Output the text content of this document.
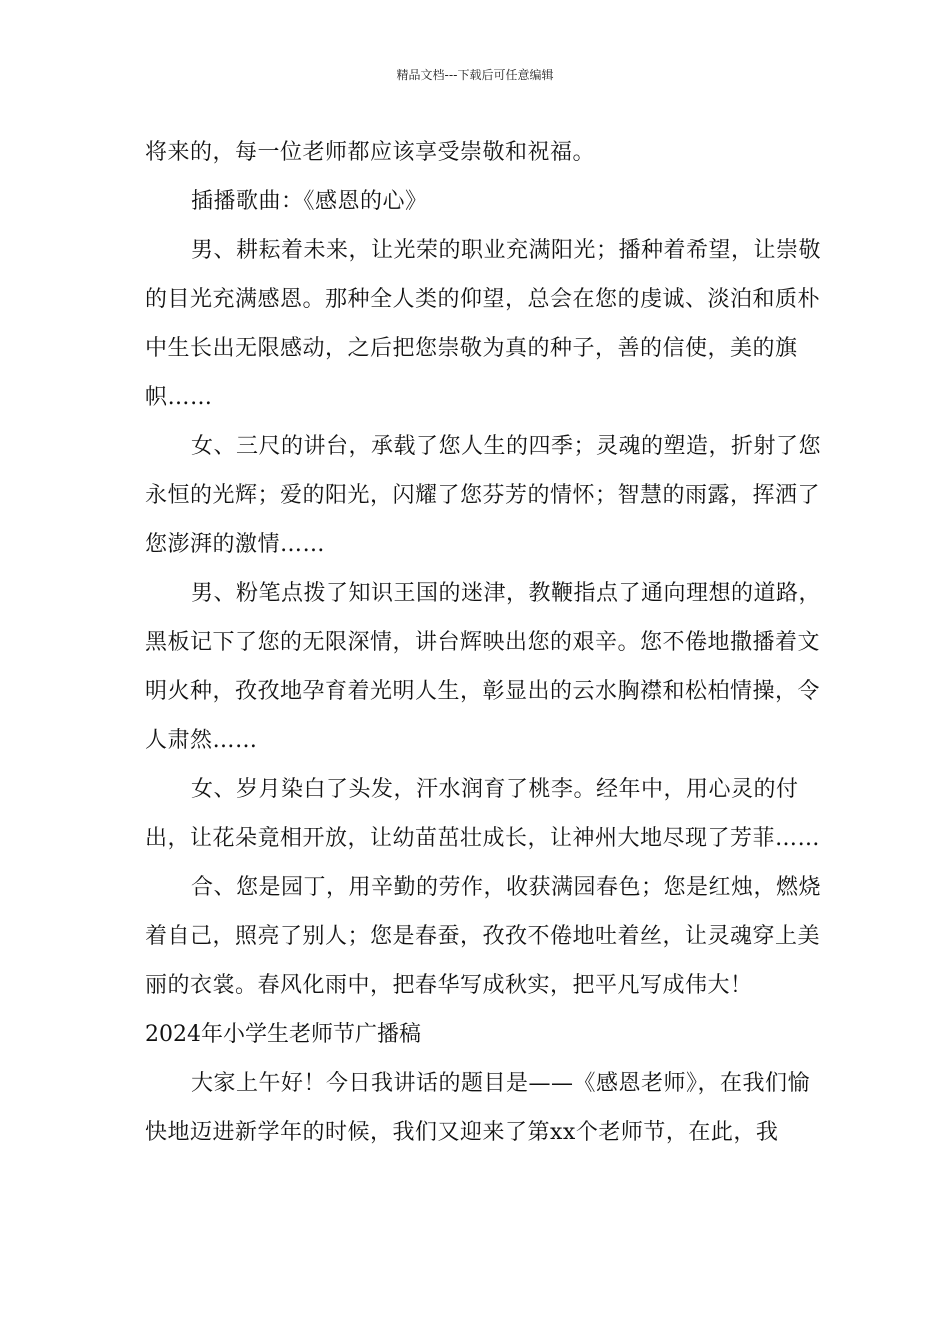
精品文档---下载后可任意编辑

将来的，每一位老师都应该享受崇敬和祝福。

插播歌曲：《感恩的心》

男、耕耘着未来，让光荣的职业充满阳光；播种着希望，让崇敬的目光充满感恩。那种全人类的仰望，总会在您的虔诚、淡泊和质朴中生长出无限感动，之后把您崇敬为真的种子，善的信使，美的旗帜……

女、三尺的讲台，承载了您人生的四季；灵魂的塑造，折射了您永恒的光辉；爱的阳光，闪耀了您芬芳的情怀；智慧的雨露，挥洒了您澎湃的激情……

男、粉笔点拨了知识王国的迷津，教鞭指点了通向理想的道路，黑板记下了您的无限深情，讲台辉映出您的艰辛。您不倦地撒播着文明火种，孜孜地孕育着光明人生，彰显出的云水胸襟和松柏情操，令人肃然……

女、岁月染白了头发，汗水润育了桃李。经年中，用心灵的付出，让花朵竟相开放，让幼苗茁壮成长，让神州大地尽现了芳菲……

合、您是园丁，用辛勤的劳作，收获满园春色；您是红烛，燃烧着自己，照亮了别人；您是春蚕，孜孜不倦地吐着丝，让灵魂穿上美丽的衣裳。春风化雨中，把春华写成秋实，把平凡写成伟大！

2024年小学生老师节广播稿

大家上午好！今日我讲话的题目是——《感恩老师》，在我们愉快地迈进新学年的时候，我们又迎来了第xx个老师节，在此，我
